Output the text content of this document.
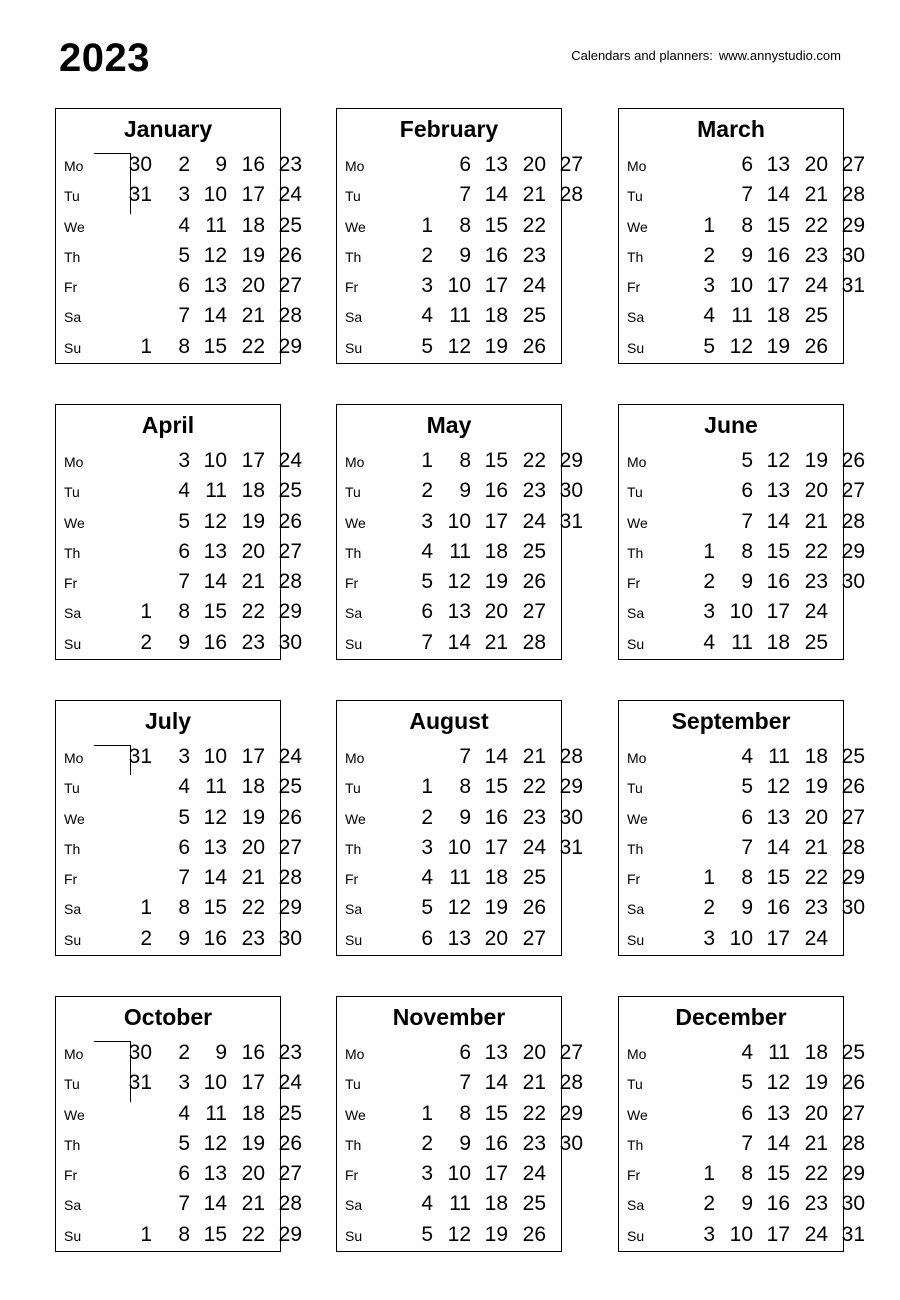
2023	Calendars and planners: www.annystudio.com
January
Mo 30	2	9 16 23
Tu 31	3 10 17 24
We	4 11 18 25
Th	5 12 19 26
Fr	6 13 20 27
Sa	7 14 21 28
Su	1	8 15 22 29
February
Mo	6 13 20 27
Tu	7 14 21 28
We	1	8 15 22
Th	2	9 16 23
Fr	3 10 17 24
Sa	4 11 18 25
Su	5 12 19 26
March
Mo	6 13 20 27
Tu	7 14 21 28
We	1	8 15 22 29
Th	2	9 16 23 30
Fr	3 10 17 24 31
Sa	4 11 18 25
Su	5 12 19 26
April
Mo	3 10 17 24
Tu	4 11 18 25
We	5 12 19 26
Th	6 13 20 27
Fr	7 14 21 28
Sa	1	8 15 22 29
Su	2	9 16 23 30
May
Mo	1	8 15 22 29
Tu	2	9 16 23 30
We	3 10 17 24 31
Th	4 11 18 25
Fr	5 12 19 26
Sa	6 13 20 27
Su	7 14 21 28
June
Mo	5 12 19 26
Tu	6 13 20 27
We	7 14 21 28
Th	1	8 15 22 29
Fr	2	9 16 23 30
Sa	3 10 17 24
Su	4 11 18 25
July
Mo 31	3 10 17 24
Tu	4 11 18 25
We	5 12 19 26
Th	6 13 20 27
Fr	7 14 21 28
Sa	1	8 15 22 29
Su	2	9 16 23 30
August
Mo	7 14 21 28
Tu	1	8 15 22 29
We	2	9 16 23 30
Th	3 10 17 24 31
Fr	4 11 18 25
Sa	5 12 19 26
Su	6 13 20 27
September
Mo	4 11 18 25
Tu	5 12 19 26
We	6 13 20 27
Th	7 14 21 28
Fr	1	8 15 22 29
Sa	2	9 16 23 30
Su	3 10 17 24
October
Mo 30	2	9 16 23
Tu 31	3 10 17 24
We	4 11 18 25
Th	5 12 19 26
Fr	6 13 20 27
Sa	7 14 21 28
Su	1	8 15 22 29
November
Mo	6 13 20 27
Tu	7 14 21 28
We	1	8 15 22 29
Th	2	9 16 23 30
Fr	3 10 17 24
Sa	4 11 18 25
Su	5 12 19 26
December
Mo	4 11 18 25
Tu	5 12 19 26
We	6 13 20 27
Th	7 14 21 28
Fr	1	8 15 22 29
Sa	2	9 16 23 30
Su	3 10 17 24 31
